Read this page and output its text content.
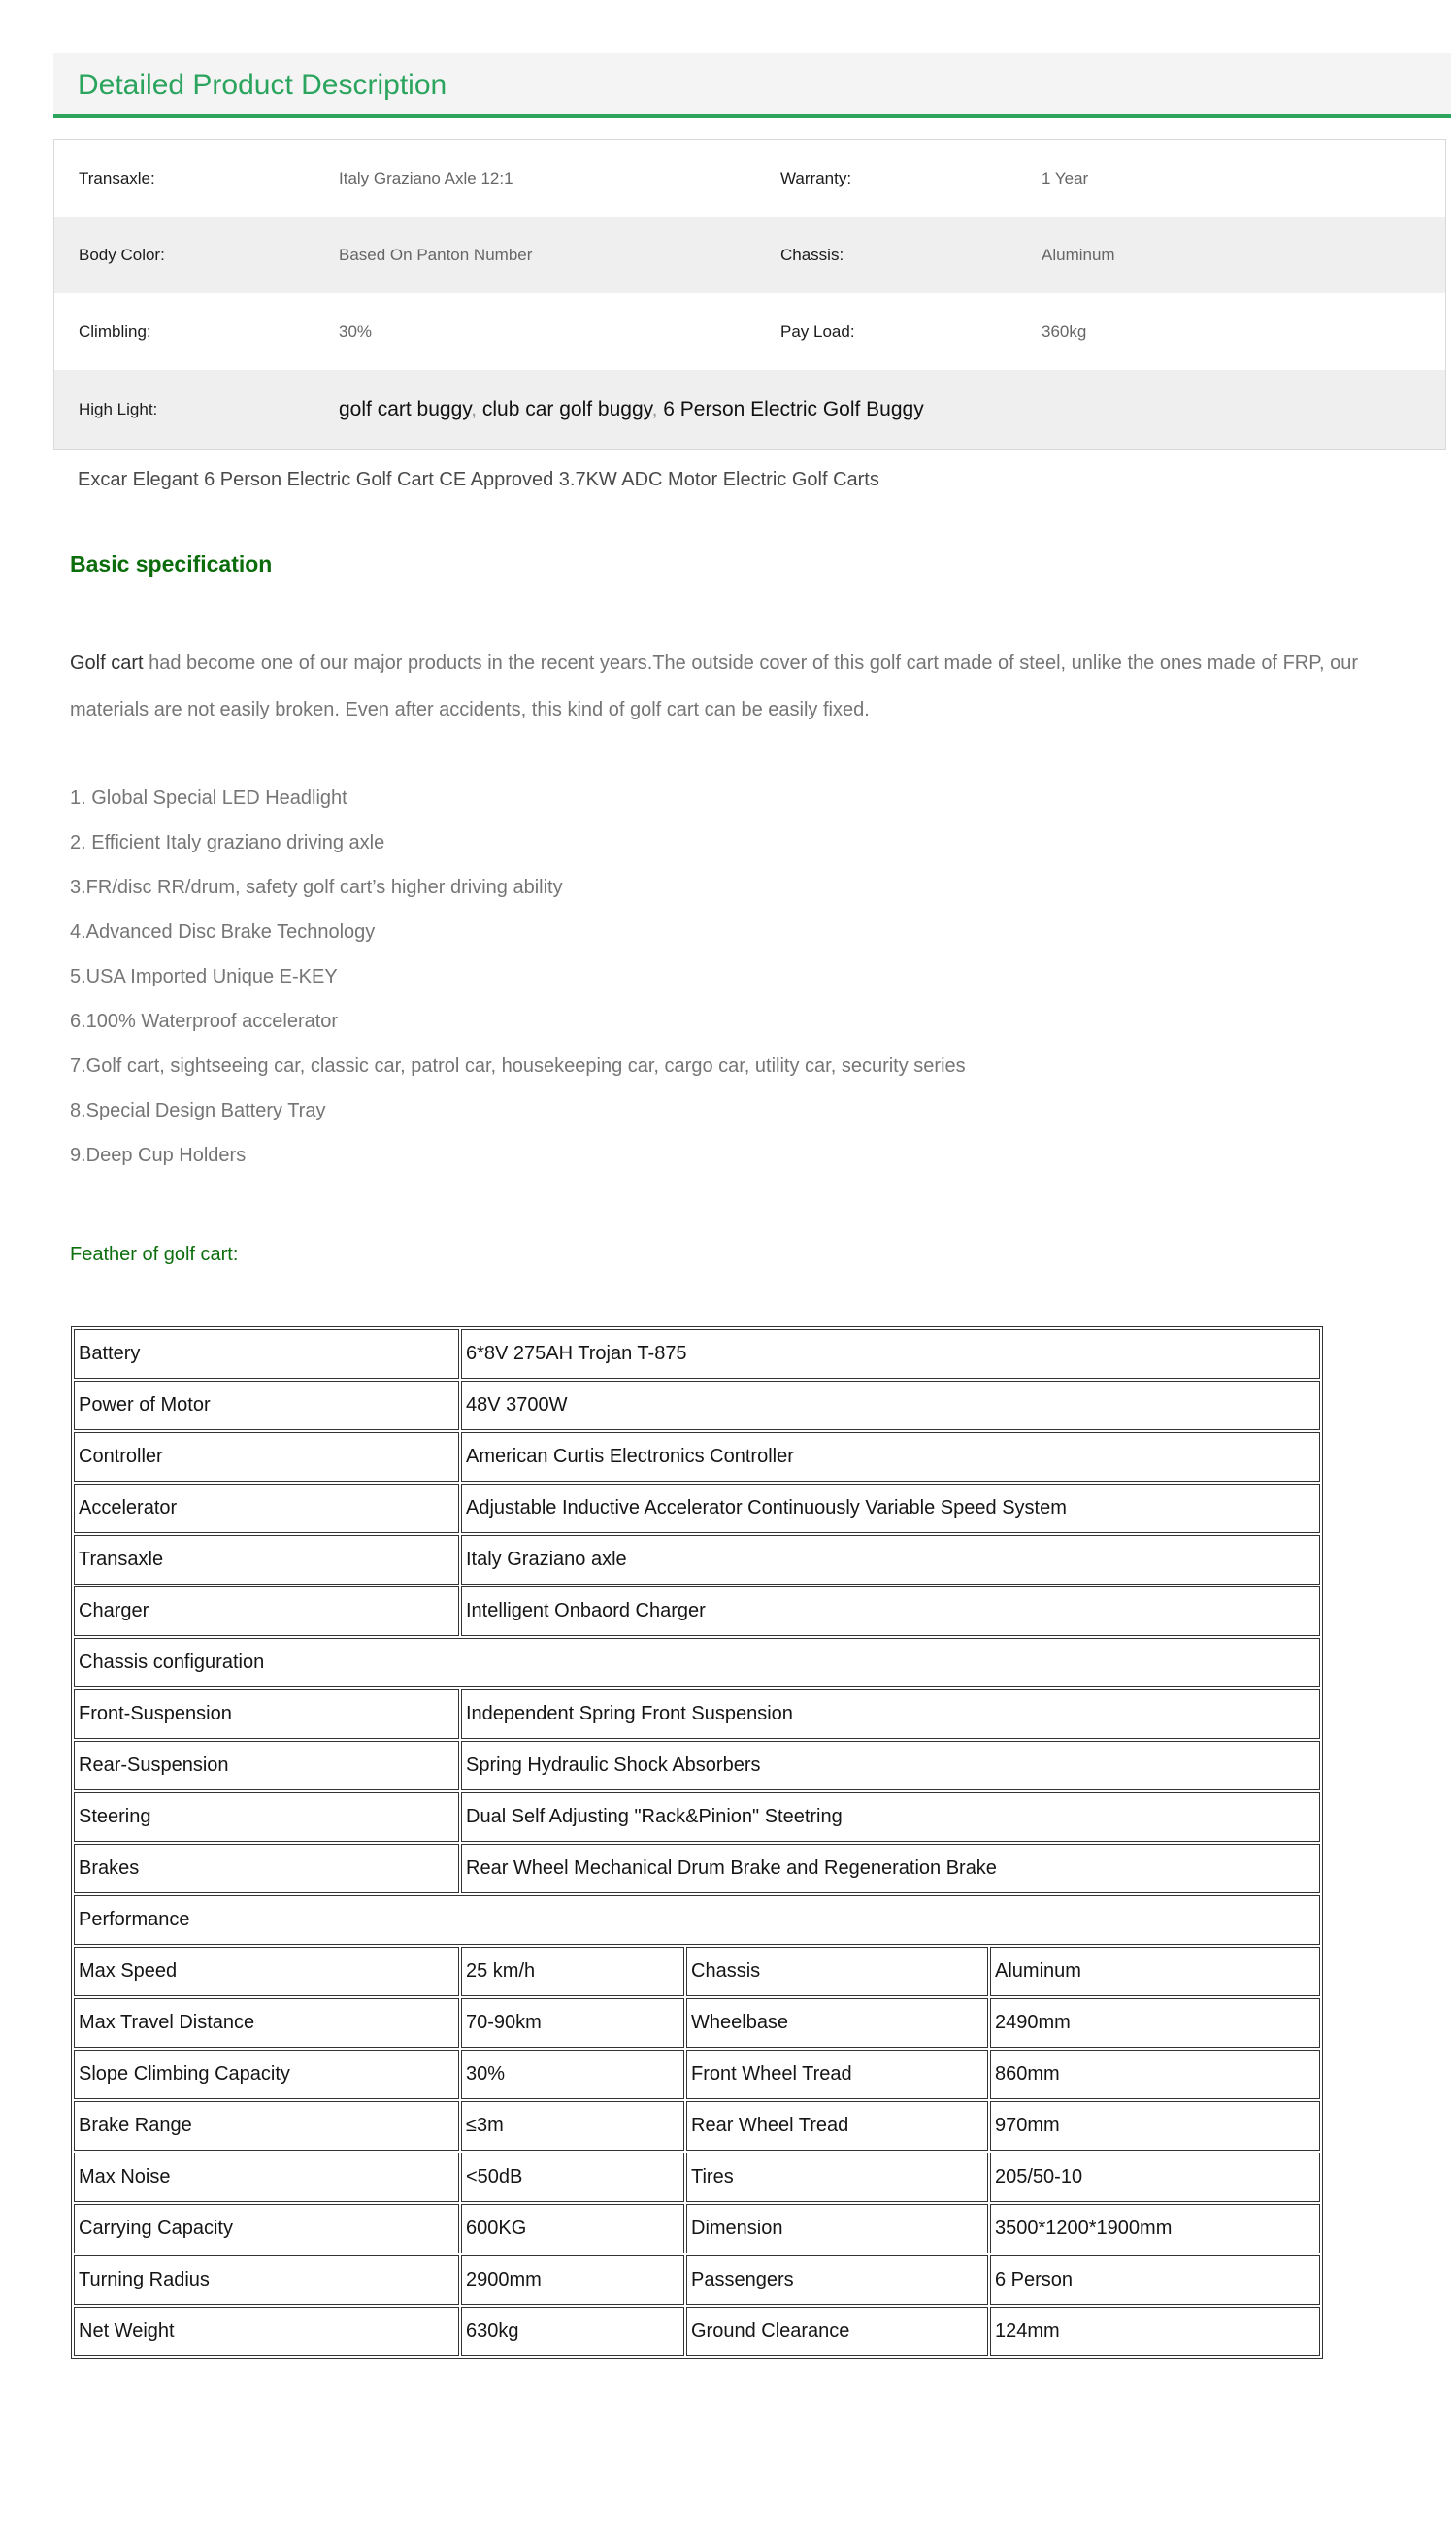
Detailed Product Description
Transaxle:	Italy Graziano Axle 12:1	Warranty:	1 Year
Body Color:	Based On Panton Number	Chassis:	Aluminum
Climbling:	30%	Pay Load:	360kg
High Light:	golf cart buggy, club car golf buggy, 6 Person Electric Golf Buggy

Excar Elegant 6 Person Electric Golf Cart CE Approved 3.7KW ADC Motor Electric Golf Carts

Basic specification

Golf cart had become one of our major products in the recent years.The outside cover of this golf cart made of steel, unlike the ones made of FRP, our materials are not easily broken. Even after accidents, this kind of golf cart can be easily fixed.

1. Global Special LED Headlight

2. Efficient Italy graziano driving axle

3.FR/disc RR/drum, safety golf cart’s higher driving ability

4.Advanced Disc Brake Technology

5.USA Imported Unique E-KEY

6.100% Waterproof accelerator

7.Golf cart, sightseeing car, classic car, patrol car, housekeeping car, cargo car, utility car, security series

8.Special Design Battery Tray

9.Deep Cup Holders

Feather of golf cart:
Battery	6*8V 275AH Trojan T-875		
Power of Motor	48V 3700W		
Controller	American Curtis Electronics Controller		
Accelerator	Adjustable Inductive Accelerator Continuously Variable Speed System		
Transaxle	Italy Graziano axle		
Charger	Intelligent Onbaord Charger		
Chassis configuration			
Front-Suspension	Independent Spring Front Suspension		
Rear-Suspension	Spring Hydraulic Shock Absorbers		
Steering	Dual Self Adjusting "Rack&Pinion" Steetring		
Brakes	Rear Wheel Mechanical Drum Brake and Regeneration Brake		
Performance			
Max Speed	25 km/h	Chassis	Aluminum
Max Travel Distance	70-90km	Wheelbase	2490mm
Slope Climbing Capacity	30%	Front Wheel Tread	860mm
Brake Range	≤3m	Rear Wheel Tread	970mm
Max Noise	<50dB	Tires	205/50-10
Carrying Capacity	600KG	Dimension	3500*1200*1900mm
Turning Radius	2900mm	Passengers	6 Person
Net Weight	630kg	Ground Clearance	124mm
